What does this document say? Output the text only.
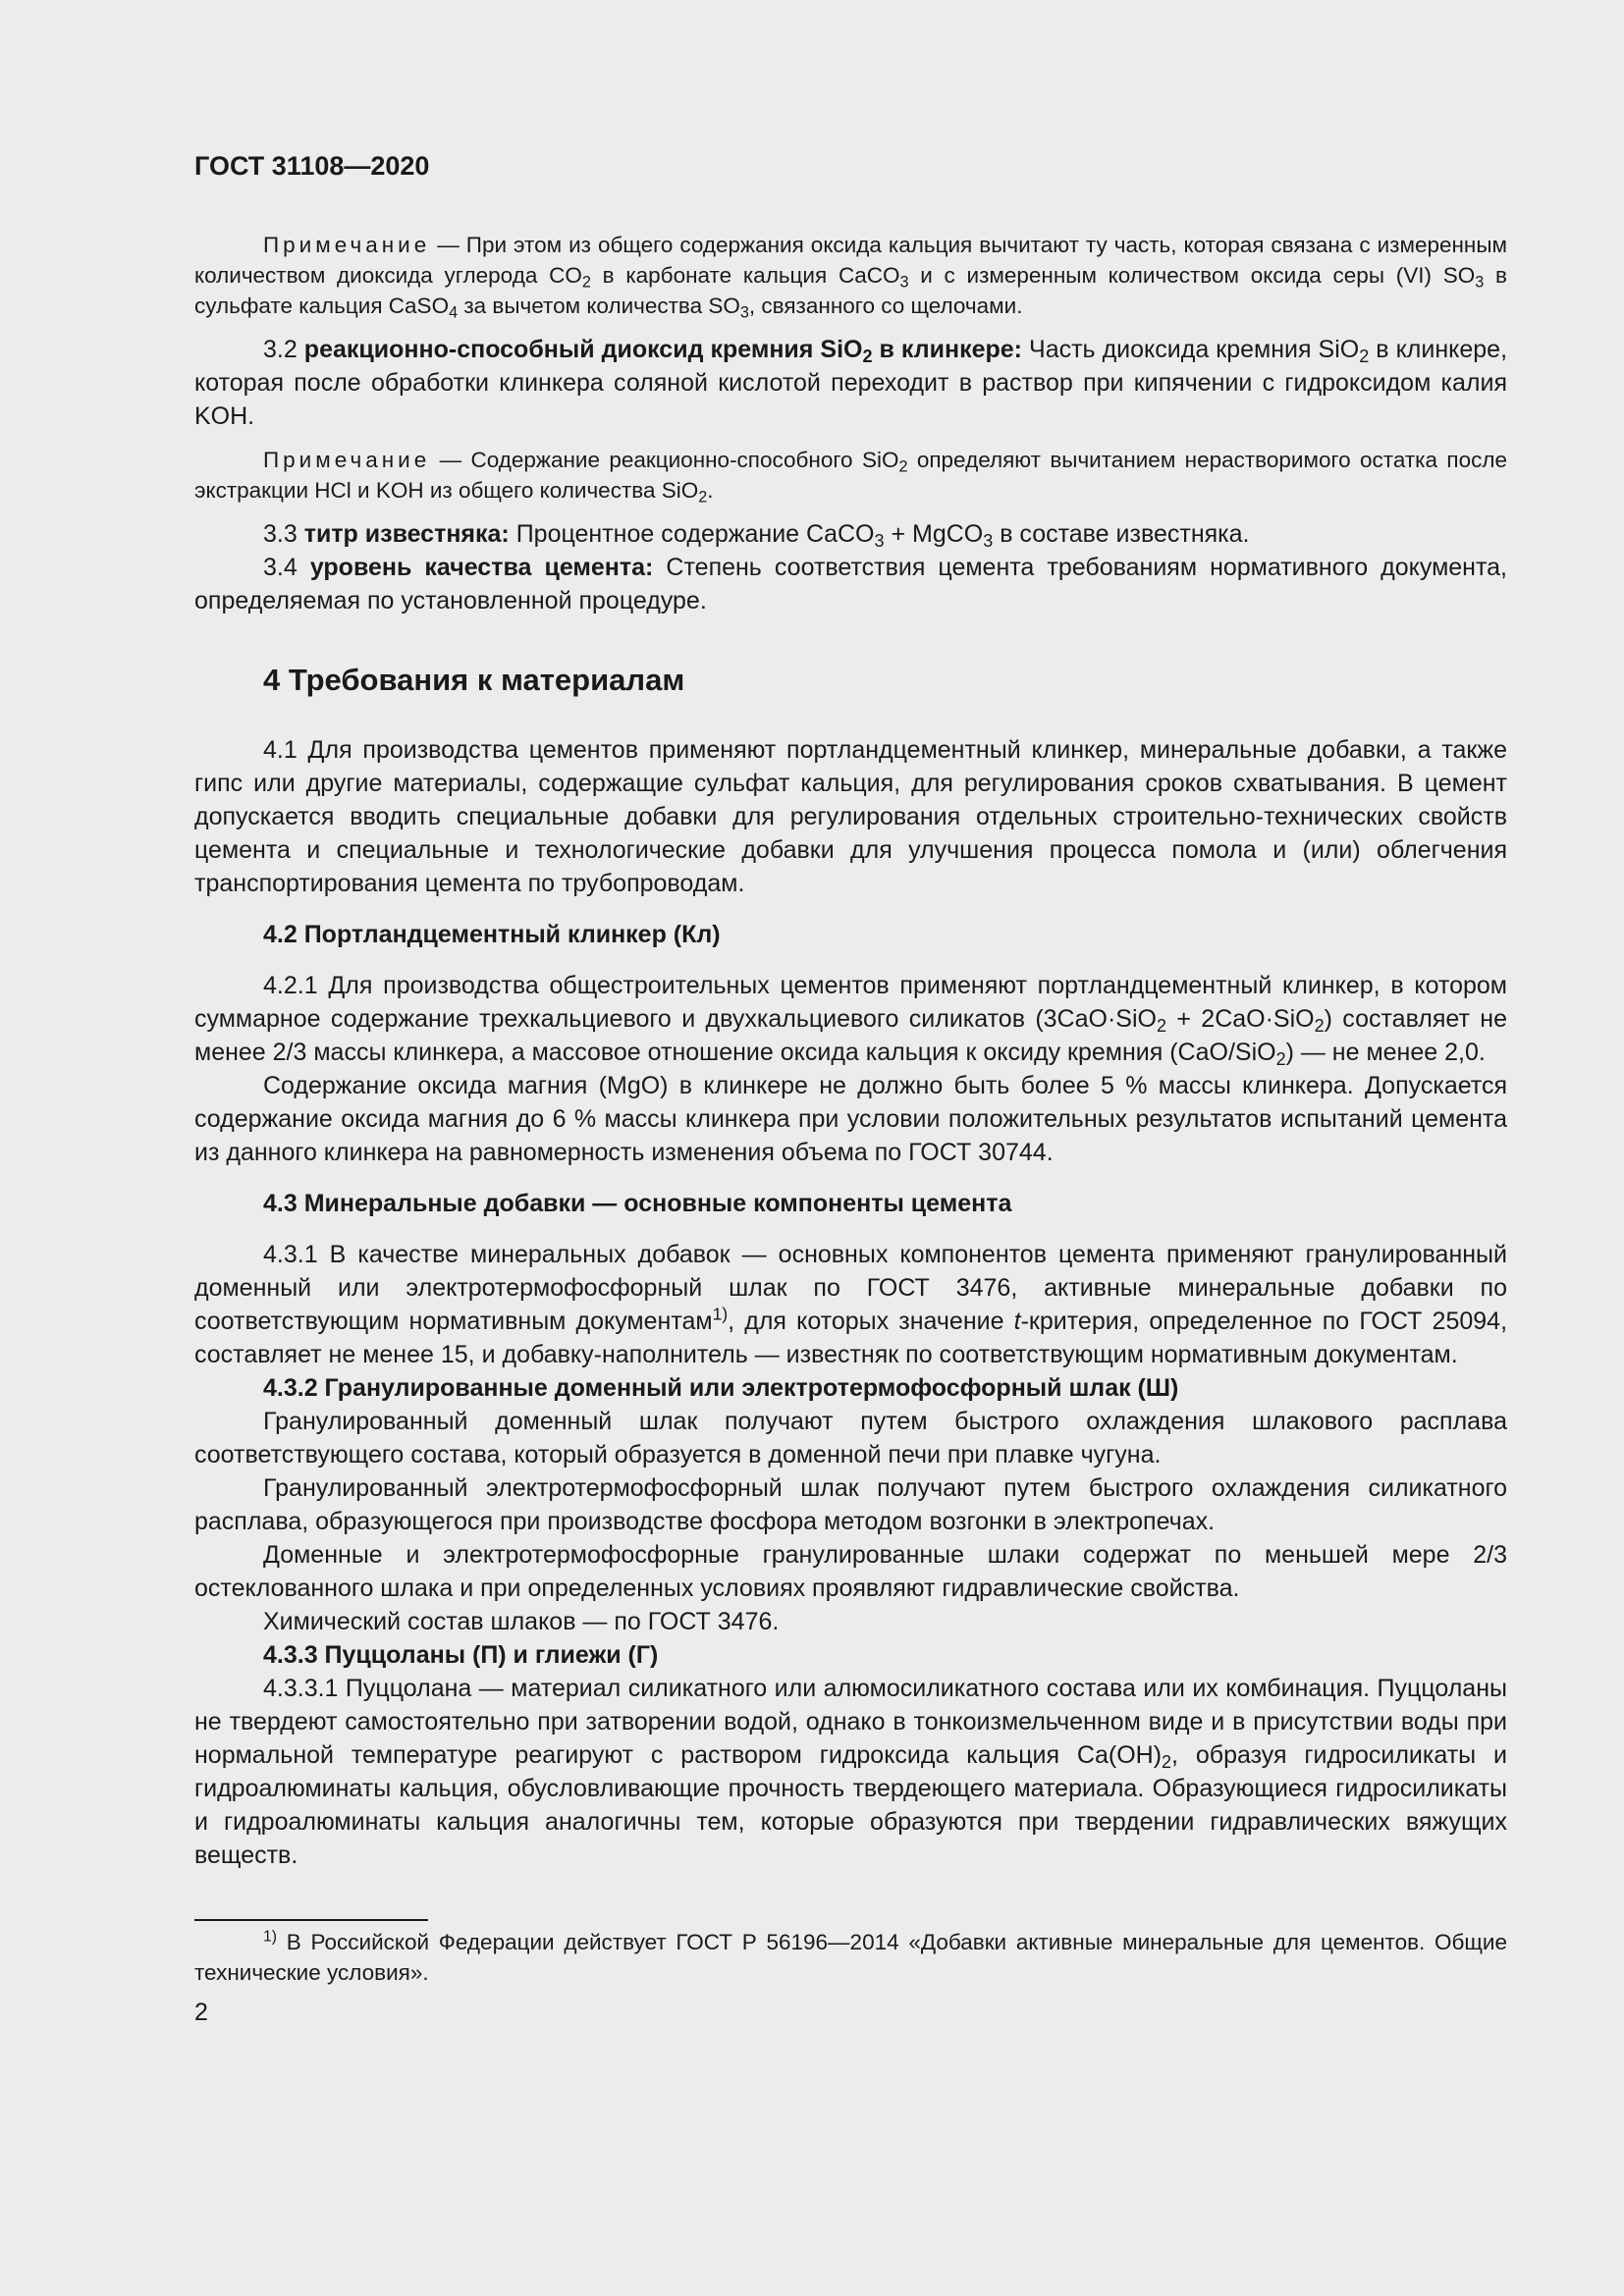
ГОСТ 31108—2020

Примечание — При этом из общего содержания оксида кальция вычитают ту часть, которая связана с измеренным количеством диоксида углерода $CO_2$ в карбонате кальция CaCO$_3$ и с измеренным количеством оксида серы (VI) $SO_3$ в сульфате кальция CaSO$_4$ за вычетом количества $SO_3$, связанного со щелочами.

3.2 реакционно-способный диоксид кремния SiO$_2$ в клинкере: Часть диоксида кремния SiO$_2$ в клинкере, которая после обработки клинкера соляной кислотой переходит в раствор при кипячении с гидроксидом калия KOH.

Примечание — Содержание реакционно-способного SiO$_2$ определяют вычитанием нерастворимого остатка после экстракции HCl и KOH из общего количества SiO$_2$.

3.3 титр известняка: Процентное содержание CaCO$_3$ + MgCO$_3$ в составе известняка.

3.4 уровень качества цемента: Степень соответствия цемента требованиям нормативного документа, определяемая по установленной процедуре.

4 Требования к материалам

4.1 Для производства цементов применяют портландцементный клинкер, минеральные добавки, а также гипс или другие материалы, содержащие сульфат кальция, для регулирования сроков схватывания. В цемент допускается вводить специальные добавки для регулирования отдельных строительно-технических свойств цемента и специальные и технологические добавки для улучшения процесса помола и (или) облегчения транспортирования цемента по трубопроводам.

4.2 Портландцементный клинкер (Кл)

4.2.1 Для производства общестроительных цементов применяют портландцементный клинкер, в котором суммарное содержание трехкальциевого и двухкальциевого силикатов (3CaO·SiO$_2$ + 2CaO·SiO$_2$) составляет не менее 2/3 массы клинкера, а массовое отношение оксида кальция к оксиду кремния (CaO/SiO$_2$) — не менее 2,0.

Содержание оксида магния (MgO) в клинкере не должно быть более 5 % массы клинкера. Допускается содержание оксида магния до 6 % массы клинкера при условии положительных результатов испытаний цемента из данного клинкера на равномерность изменения объема по ГОСТ 30744.

4.3 Минеральные добавки — основные компоненты цемента

4.3.1 В качестве минеральных добавок — основных компонентов цемента применяют гранулированный доменный или электротермофосфорный шлак по ГОСТ 3476, активные минеральные добавки по соответствующим нормативным документам$^{1)}$, для которых значение t-критерия, определенное по ГОСТ 25094, составляет не менее 15, и добавку-наполнитель — известняк по соответствующим нормативным документам.

4.3.2 Гранулированные доменный или электротермофосфорный шлак (Ш)

Гранулированный доменный шлак получают путем быстрого охлаждения шлакового расплава соответствующего состава, который образуется в доменной печи при плавке чугуна.

Гранулированный электротермофосфорный шлак получают путем быстрого охлаждения силикатного расплава, образующегося при производстве фосфора методом возгонки в электропечах.

Доменные и электротермофосфорные гранулированные шлаки содержат по меньшей мере 2/3 остеклованного шлака и при определенных условиях проявляют гидравлические свойства.

Химический состав шлаков — по ГОСТ 3476.

4.3.3 Пуццоланы (П) и глиежи (Г)

4.3.3.1 Пуццолана — материал силикатного или алюмосиликатного состава или их комбинация. Пуццоланы не твердеют самостоятельно при затворении водой, однако в тонкоизмельченном виде и в присутствии воды при нормальной температуре реагируют с раствором гидроксида кальция $Ca(OH)_2$, образуя гидросиликаты и гидроалюминаты кальция, обусловливающие прочность твердеющего материала. Образующиеся гидросиликаты и гидроалюминаты кальция аналогичны тем, которые образуются при твердении гидравлических вяжущих веществ.

$^{1)}$ В Российской Федерации действует ГОСТ Р 56196—2014 «Добавки активные минеральные для цементов. Общие технические условия».

2
